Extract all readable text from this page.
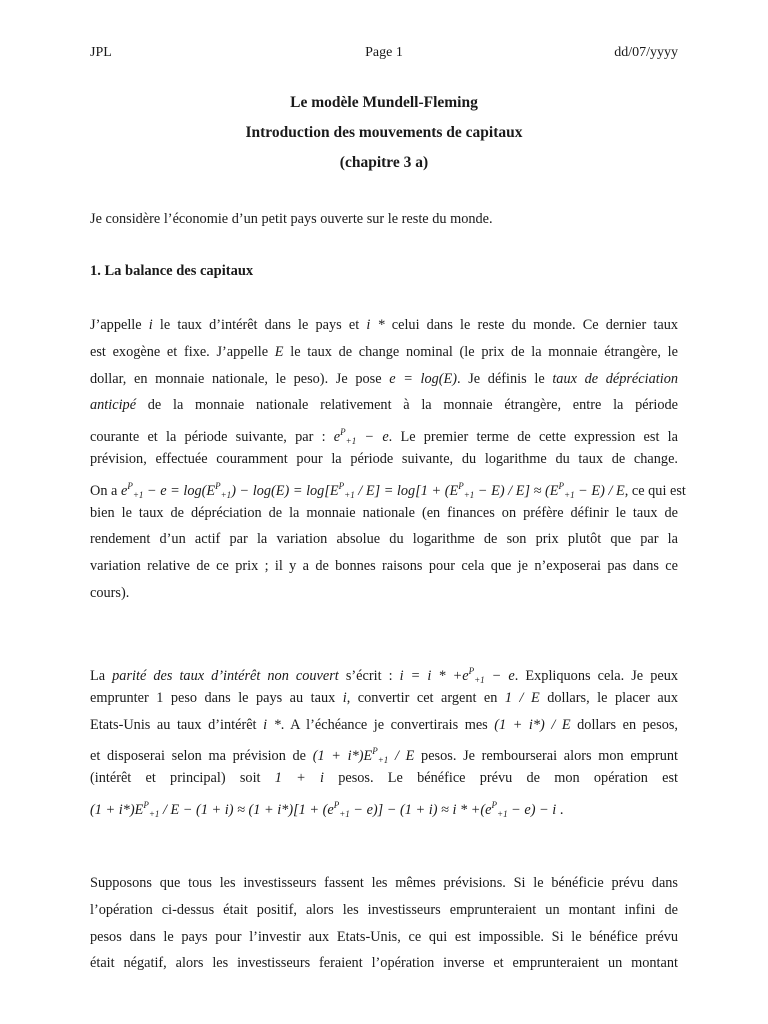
JPL	Page 1	dd/07/yyyy
Le modèle Mundell-Fleming
Introduction des mouvements de capitaux
(chapitre 3 a)
Je considère l’économie d’un petit pays ouverte sur le reste du monde.
1. La balance des capitaux
J’appelle i le taux d’intérêt dans le pays et i * celui dans le reste du monde. Ce dernier taux
est exogène et fixe. J’appelle E le taux de change nominal (le prix de la monnaie étrangère, le
dollar, en monnaie nationale, le peso). Je pose e = log(E). Je définis le taux de dépréciation
anticipé de la monnaie nationale relativement à la monnaie étrangère, entre la période
courante et la période suivante, par : $e^P_{+1} - e$. Le premier terme de cette expression est la
prévision, effectuée couramment pour la période suivante, du logarithme du taux de change.
On a $e^P_{+1} - e = \log(E^P_{+1}) - \log(E) = \log[E^P_{+1} / E] = \log[1 + (E^P_{+1} - E) / E] \approx (E^P_{+1} - E) / E$, ce qui est
bien le taux de dépréciation de la monnaie nationale (en finances on préfère définir le taux de
rendement d’un actif par la variation absolue du logarithme de son prix plutôt que par la
variation relative de ce prix ; il y a de bonnes raisons pour cela que je n’exposerai pas dans ce
cours).
La parité des taux d’intérêt non couvert s’écrit : $i = i * +e^P_{+1} - e$. Expliquons cela. Je peux
emprunter 1 peso dans le pays au taux i, convertir cet argent en 1 / E dollars, le placer aux
Etats-Unis au taux d’intérêt i *. A l’échéance je convertirais mes (1 + i*) / E dollars en pesos,
et disposerai selon ma prévision de $(1 + i*)E^P_{+1} / E$ pesos. Je rembourserai alors mon emprunt
(intérêt et principal) soit 1 + i pesos. Le bénéfice prévu de mon opération est
$(1 + i*)E^P_{+1} / E - (1 + i) \approx (1 + i*)[1 + (e^P_{+1} - e)] - (1 + i) \approx i * +(e^P_{+1} - e) - i$ .
Supposons que tous les investisseurs fassent les mêmes prévisions. Si le bénéficie prévu dans
l’opération ci-dessus était positif, alors les investisseurs emprunteraient un montant infini de
pesos dans le pays pour l’investir aux Etats-Unis, ce qui est impossible. Si le bénéfice prévu
était négatif, alors les investisseurs feraient l’opération inverse et emprunteraient un montant
